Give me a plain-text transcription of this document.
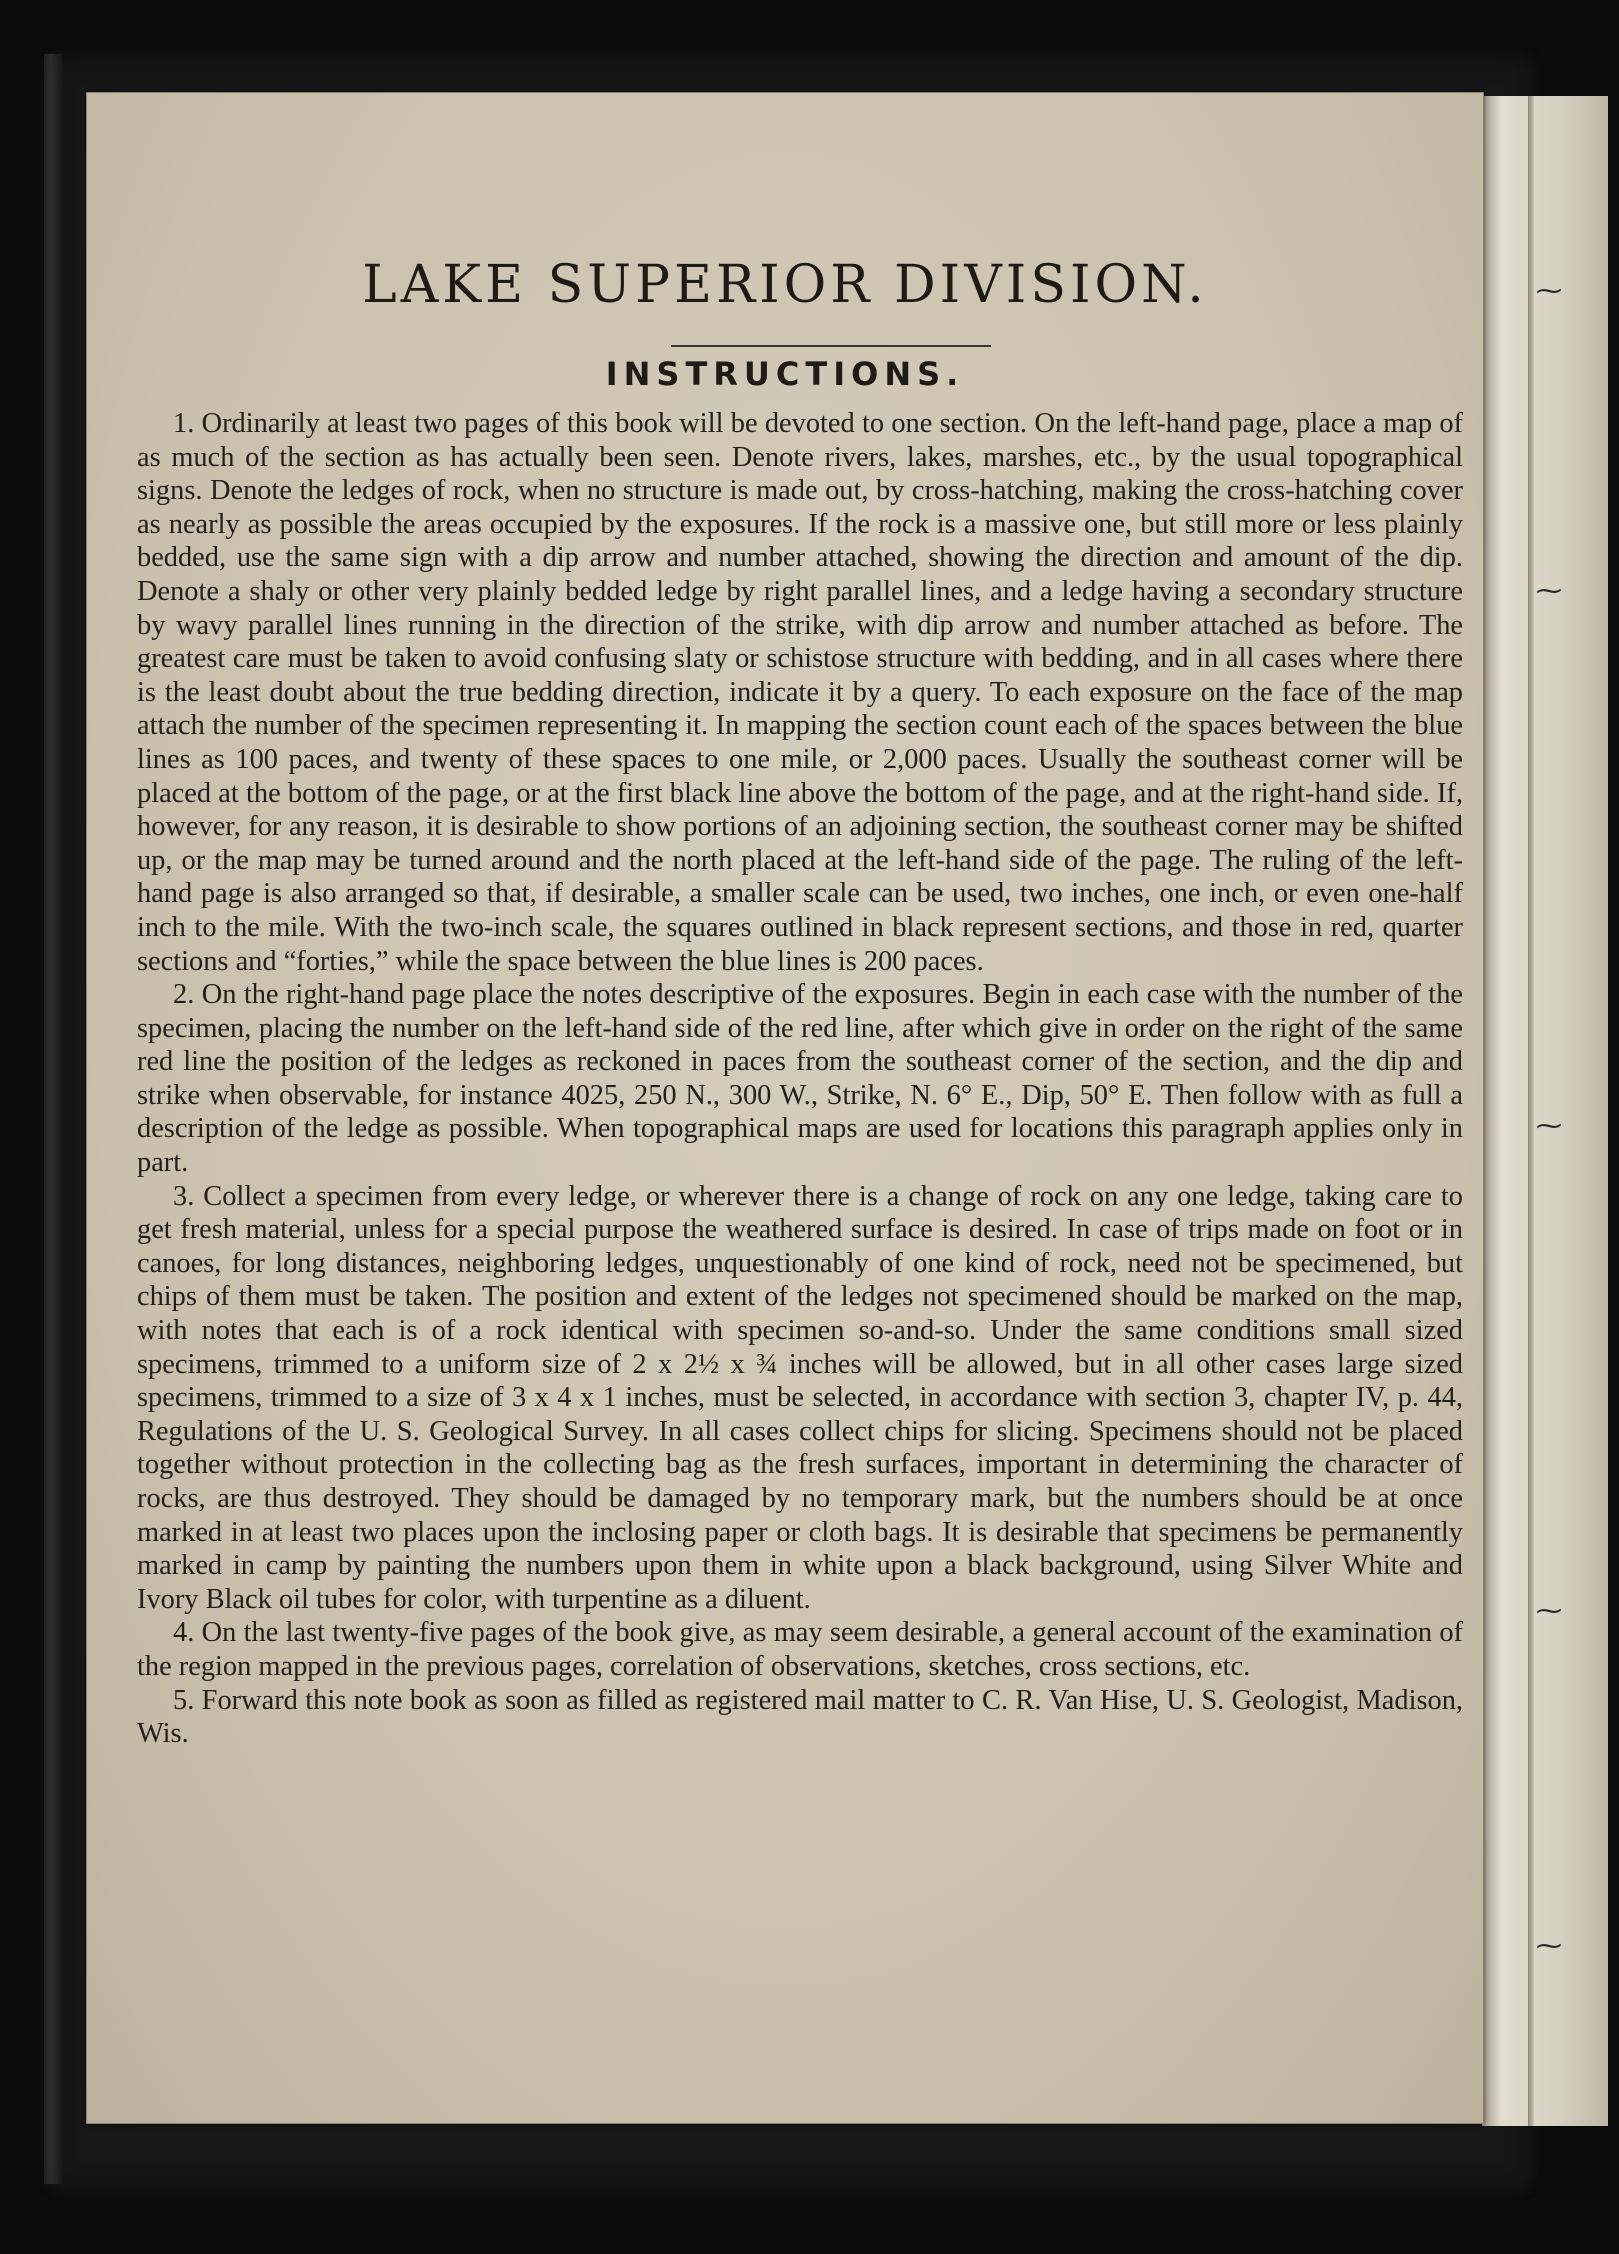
⁓
⁓
⁓
⁓
⁓
LAKE SUPERIOR DIVISION.
INSTRUCTIONS.

1. Ordinarily at least two pages of this book will be devoted to one section. On the left-hand page, place a map of as much of the section as has actually been seen. Denote rivers, lakes, marshes, etc., by the usual topographical signs. Denote the ledges of rock, when no structure is made out, by cross-hatching, making the cross-hatching cover as nearly as possible the areas occupied by the exposures. If the rock is a massive one, but still more or less plainly bedded, use the same sign with a dip arrow and number attached, showing the direction and amount of the dip. Denote a shaly or other very plainly bedded ledge by right parallel lines, and a ledge having a secondary structure by wavy parallel lines running in the direction of the strike, with dip arrow and number attached as before. The greatest care must be taken to avoid confusing slaty or schistose structure with bedding, and in all cases where there is the least doubt about the true bedding direction, indicate it by a query. To each exposure on the face of the map attach the number of the specimen representing it. In mapping the section count each of the spaces between the blue lines as 100 paces, and twenty of these spaces to one mile, or 2,000 paces. Usually the southeast corner will be placed at the bottom of the page, or at the first black line above the bottom of the page, and at the right-hand side. If, however, for any reason, it is desirable to show portions of an adjoining section, the southeast corner may be shifted up, or the map may be turned around and the north placed at the left-hand side of the page. The ruling of the left-hand page is also arranged so that, if desirable, a smaller scale can be used, two inches, one inch, or even one-half inch to the mile. With the two-inch scale, the squares outlined in black represent sections, and those in red, quarter sections and “forties,” while the space between the blue lines is 200 paces.

2. On the right-hand page place the notes descriptive of the exposures. Begin in each case with the number of the specimen, placing the number on the left-hand side of the red line, after which give in order on the right of the same red line the position of the ledges as reckoned in paces from the southeast corner of the section, and the dip and strike when observable, for instance 4025, 250 N., 300 W., Strike, N. 6° E., Dip, 50° E. Then follow with as full a description of the ledge as possible. When topographical maps are used for locations this paragraph applies only in part.

3. Collect a specimen from every ledge, or wherever there is a change of rock on any one ledge, taking care to get fresh material, unless for a special purpose the weathered surface is desired. In case of trips made on foot or in canoes, for long distances, neighboring ledges, unquestionably of one kind of rock, need not be specimened, but chips of them must be taken. The position and extent of the ledges not specimened should be marked on the map, with notes that each is of a rock identical with specimen so-and-so. Under the same conditions small sized specimens, trimmed to a uniform size of 2 x 2½ x ¾ inches will be allowed, but in all other cases large sized specimens, trimmed to a size of 3 x 4 x 1 inches, must be selected, in accordance with section 3, chapter IV, p. 44, Regulations of the U. S. Geological Survey. In all cases collect chips for slicing. Specimens should not be placed together without protection in the collecting bag as the fresh surfaces, important in determining the character of rocks, are thus destroyed. They should be damaged by no temporary mark, but the numbers should be at once marked in at least two places upon the inclosing paper or cloth bags. It is desirable that specimens be permanently marked in camp by painting the numbers upon them in white upon a black background, using Silver White and Ivory Black oil tubes for color, with turpentine as a diluent.

4. On the last twenty-five pages of the book give, as may seem desirable, a general account of the examination of the region mapped in the previous pages, correlation of observations, sketches, cross sections, etc.

5. Forward this note book as soon as filled as registered mail matter to C. R. Van Hise, U. S. Geologist, Madison, Wis.
